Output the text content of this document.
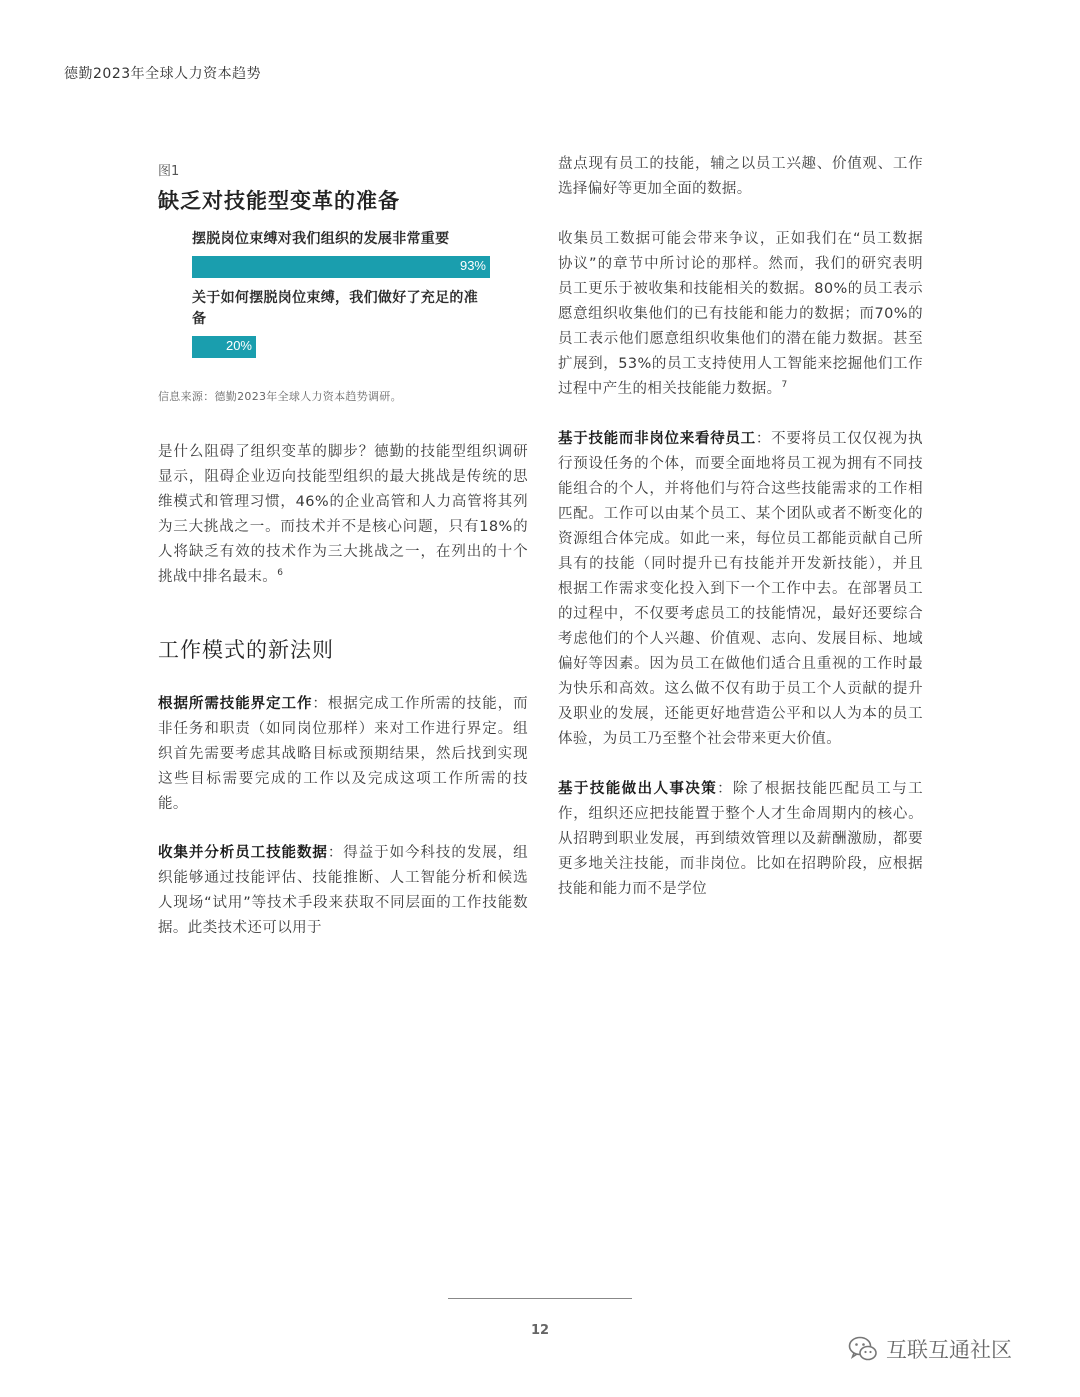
德勤2023年全球人力资本趋势

图1

缺乏对技能型变革的准备

摆脱岗位束缚对我们组织的发展非常重要
93%
关于如何摆脱岗位束缚，我们做好了充足的准备
20%
信息来源：德勤2023年全球人力资本趋势调研。

是什么阻碍了组织变革的脚步？德勤的技能型组织调研显示，阻碍企业迈向技能型组织的最大挑战是传统的思维模式和管理习惯，46%的企业高管和人力高管将其列为三大挑战之一。而技术并不是核心问题，只有18%的人将缺乏有效的技术作为三大挑战之一，在列出的十个挑战中排名最末。$^6$

工作模式的新法则

根据所需技能界定工作：根据完成工作所需的技能，而非任务和职责（如同岗位那样）来对工作进行界定。组织首先需要考虑其战略目标或预期结果，然后找到实现这些目标需要完成的工作以及完成这项工作所需的技能。

收集并分析员工技能数据：得益于如今科技的发展，组织能够通过技能评估、技能推断、人工智能分析和候选人现场“试用”等技术手段来获取不同层面的工作技能数据。此类技术还可以用于

盘点现有员工的技能，辅之以员工兴趣、价值观、工作选择偏好等更加全面的数据。

收集员工数据可能会带来争议，正如我们在“员工数据协议”的章节中所讨论的那样。然而，我们的研究表明员工更乐于被收集和技能相关的数据。80%的员工表示愿意组织收集他们的已有技能和能力的数据；而70%的员工表示他们愿意组织收集他们的潜在能力数据。甚至扩展到，53%的员工支持使用人工智能来挖掘他们工作过程中产生的相关技能能力数据。$^7$

基于技能而非岗位来看待员工：不要将员工仅仅视为执行预设任务的个体，而要全面地将员工视为拥有不同技能组合的个人，并将他们与符合这些技能需求的工作相匹配。工作可以由某个员工、某个团队或者不断变化的资源组合体完成。如此一来，每位员工都能贡献自己所具有的技能（同时提升已有技能并开发新技能），并且根据工作需求变化投入到下一个工作中去。在部署员工的过程中，不仅要考虑员工的技能情况，最好还要综合考虑他们的个人兴趣、价值观、志向、发展目标、地域偏好等因素。因为员工在做他们适合且重视的工作时最为快乐和高效。这么做不仅有助于员工个人贡献的提升及职业的发展，还能更好地营造公平和以人为本的员工体验，为员工乃至整个社会带来更大价值。

基于技能做出人事决策：除了根据技能匹配员工与工作，组织还应把技能置于整个人才生命周期内的核心。从招聘到职业发展，再到绩效管理以及薪酬激励，都要更多地关注技能，而非岗位。比如在招聘阶段，应根据技能和能力而不是学位

12
互联互通社区
